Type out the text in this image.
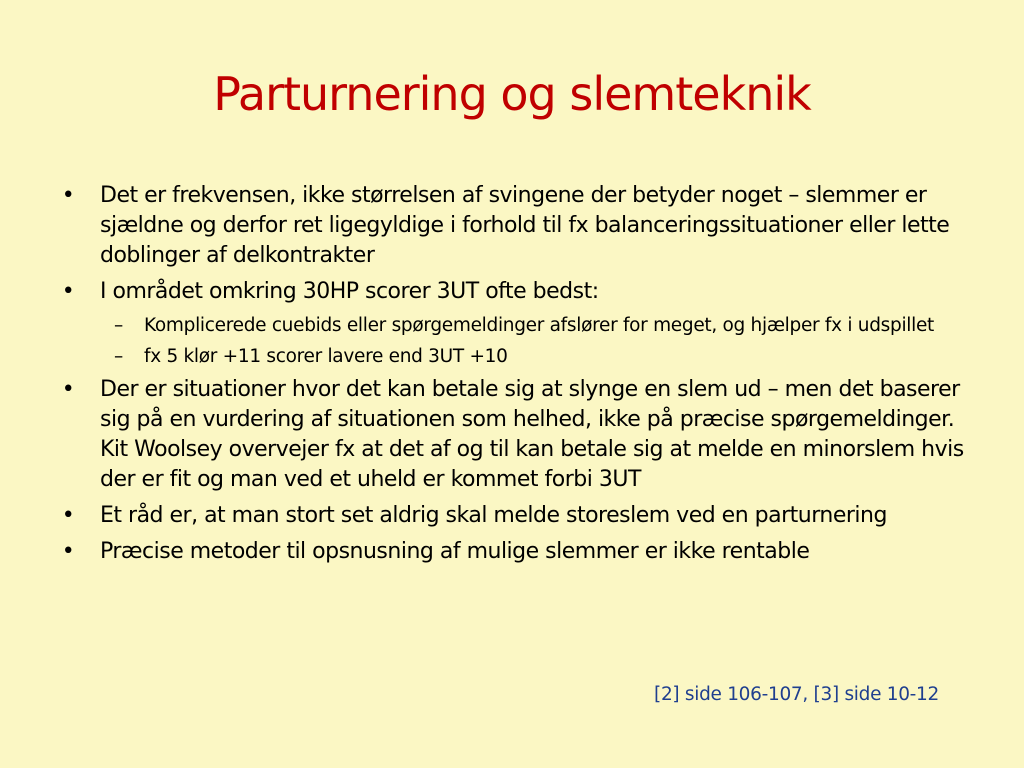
Parturnering og slemteknik
• Det er frekvensen, ikke størrelsen af svingene der betyder noget – slemmer er sjældne og derfor ret ligegyldige i forhold til fx balanceringssituationer eller lette doblinger af delkontrakter
• I området omkring 30HP scorer 3UT ofte bedst:
– Komplicerede cuebids eller spørgemeldinger afslører for meget, og hjælper fx i udspillet
– fx 5 klør +11 scorer lavere end 3UT +10
• Der er situationer hvor det kan betale sig at slynge en slem ud – men det baserer sig på en vurdering af situationen som helhed, ikke på præcise spørgemeldinger. Kit Woolsey overvejer fx at det af og til kan betale sig at melde en minorslem hvis der er fit og man ved et uheld er kommet forbi 3UT
• Et råd er, at man stort set aldrig skal melde storeslem ved en parturnering
• Præcise metoder til opsnusning af mulige slemmer er ikke rentable
[2] side 106-107, [3] side 10-12
